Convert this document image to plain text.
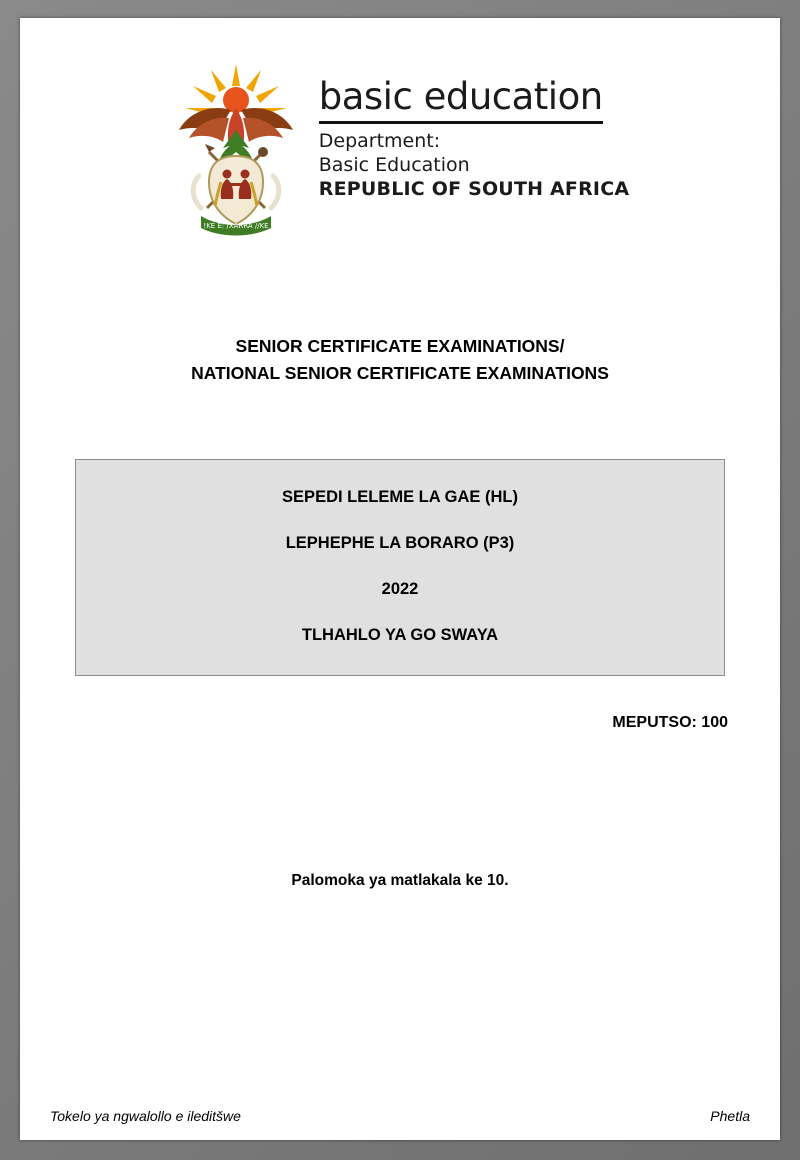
!KE E: /XARRA //KE
basic education
Department:
Basic Education
REPUBLIC OF SOUTH AFRICA
SENIOR CERTIFICATE EXAMINATIONS/
NATIONAL SENIOR CERTIFICATE EXAMINATIONS
SEPEDI LELEME LA GAE (HL)
LEPHEPHE LA BORARO (P3)
2022
TLHAHLO YA GO SWAYA
MEPUTSO: 100
Palomoka ya matlakala ke 10.
Tokelo ya ngwalollo e ileditšwe	Phetla
